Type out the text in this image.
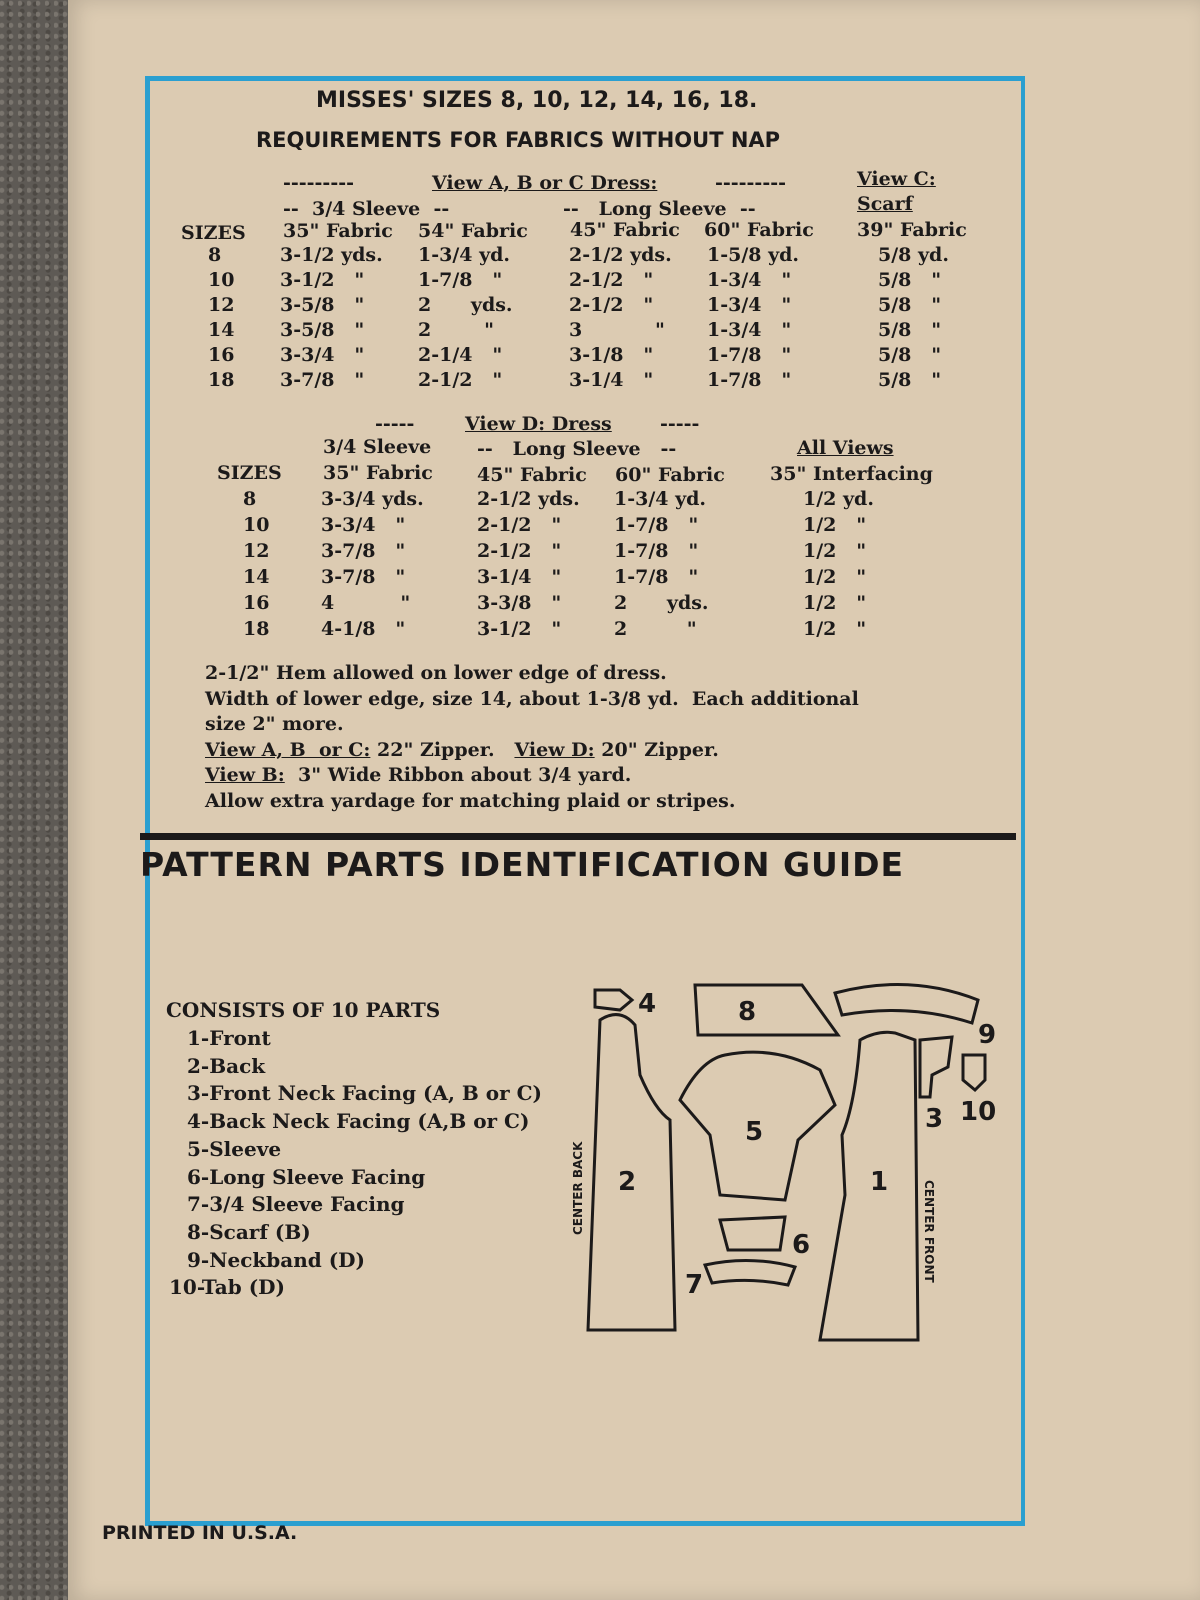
MISSES' SIZES 8, 10, 12, 14, 16, 18.
REQUIREMENTS FOR FABRICS WITHOUT NAP
---------	View A, B or C Dress:	---------	View C:
--  3/4 Sleeve  --	--   Long Sleeve  --	Scarf
SIZES 35" Fabric 54" Fabric 45" Fabric 60" Fabric 39" Fabric
8	3-1/2 yds. 1-3/4 yd.	2-1/2 yds. 1-5/8 yd.	5/8 yd.
10 3-1/2   "	1-7/8   "	2-1/2   "	1-3/4   "	5/8   "
12 3-5/8   "	2      yds.	2-1/2   "	1-3/4   "	5/8   "
14 3-5/8   "	2        "	3           " 1-3/4   "	5/8   "
16 3-3/4   "	2-1/4   "	3-1/8   "	1-7/8   "	5/8   "
18 3-7/8   "	2-1/2   "	3-1/4   "	1-7/8   "	5/8   "
-----	View D: Dress	-----
3/4 Sleeve --   Long Sleeve   --	All Views
SIZES 35" Fabric 45" Fabric 60" Fabric 35" Interfacing
8	3-3/4 yds.	2-1/2 yds. 1-3/4 yd.	1/2 yd.
10	3-3/4   "	2-1/2   "	1-7/8   "	1/2   "
12	3-7/8   "	2-1/2   "	1-7/8   "	1/2   "
14	3-7/8   "	3-1/4   "	1-7/8   "	1/2   "
16	4          "	3-3/8   "	2      yds.	1/2   "
18	4-1/8   "	3-1/2   "	2         "	1/2   "
2-1/2" Hem allowed on lower edge of dress.
Width of lower edge, size 14, about 1-3/8 yd.  Each additional
size 2" more.
View A, B  or C: 22" Zipper. View D: 20" Zipper.
View B:  3" Wide Ribbon about 3/4 yard.
Allow extra yardage for matching plaid or stripes.
PATTERN PARTS IDENTIFICATION GUIDE
CONSISTS OF 10 PARTS
1-Front
2-Back
3-Front Neck Facing (A, B or C)
4-Back Neck Facing (A,B or C)
5-Sleeve
6-Long Sleeve Facing
7-3/4 Sleeve Facing
8-Scarf (B)
9-Neckband (D)
10-Tab (D)
4	8
9
2
CENTER BACK
5
6
7
1	CENTER FRONT
3 10
PRINTED IN U.S.A.
